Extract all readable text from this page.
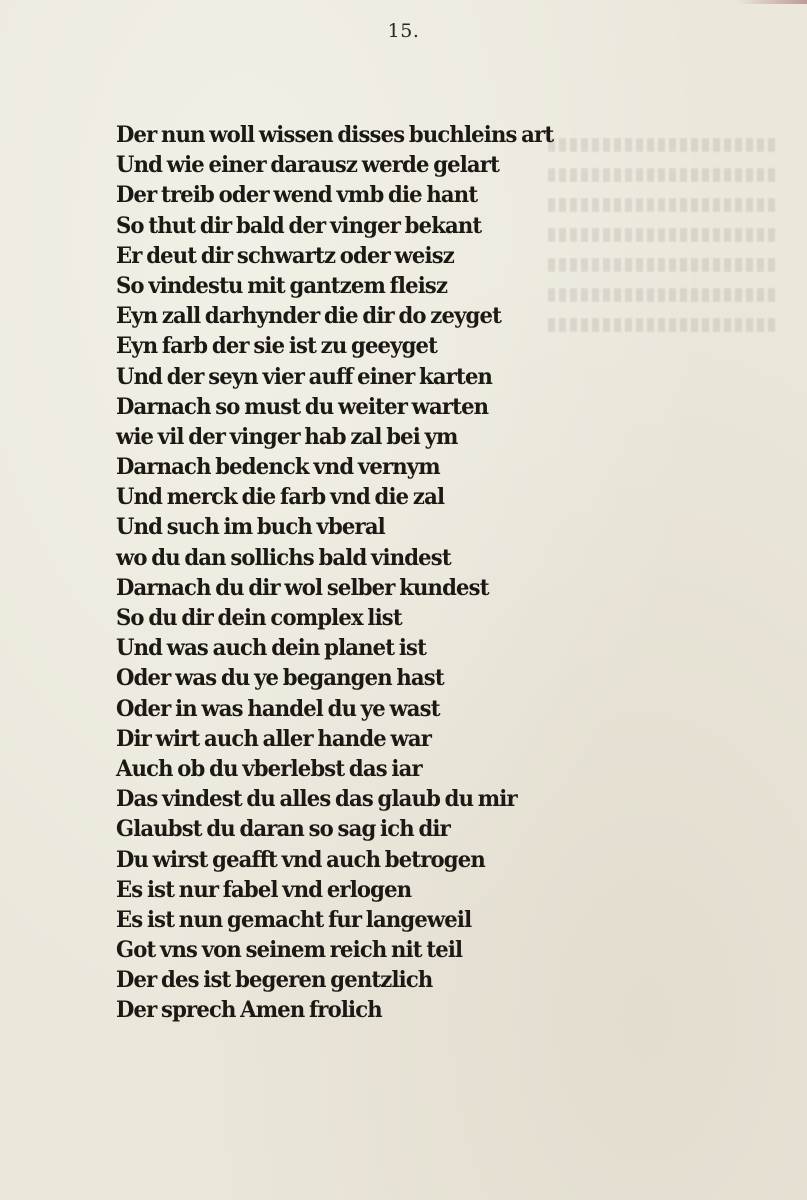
15.
Der nun woll wissen disses buchleins art
Und wie einer darausz werde gelart
Der treib oder wend vmb die hant
So thut dir bald der vinger bekant
Er deut dir schwartz oder weisz
So vindestu mit gantzem fleisz
Eyn zall darhynder die dir do zeyget
Eyn farb der sie ist zu geeyget
Und der seyn vier auff einer karten
Darnach so must du weiter warten
wie vil der vinger hab zal bei ym
Darnach bedenck vnd vernym
Und merck die farb vnd die zal
Und such im buch vberal
wo du dan sollichs bald vindest
Darnach du dir wol selber kundest
So du dir dein complex list
Und was auch dein planet ist
Oder was du ye begangen hast
Oder in was handel du ye wast
Dir wirt auch aller hande war
Auch ob du vberlebst das iar
Das vindest du alles das glaub du mir
Glaubst du daran so sag ich dir
Du wirst geafft vnd auch betrogen
Es ist nur fabel vnd erlogen
Es ist nun gemacht fur langeweil
Got vns von seinem reich nit teil
Der des ist begeren gentzlich
Der sprech Amen frolich
